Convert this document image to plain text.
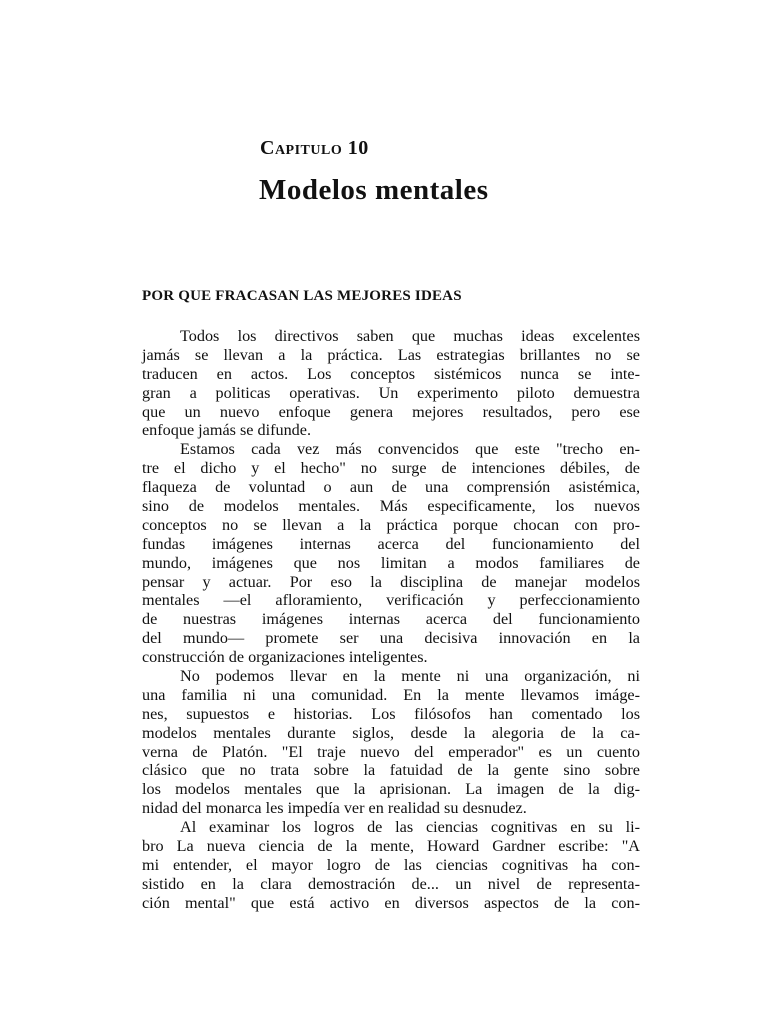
Capitulo 10
Modelos mentales
POR QUE FRACASAN LAS MEJORES IDEAS
Todos los directivos saben que muchas ideas excelentes
jamás se llevan a la práctica. Las estrategias brillantes no se
traducen en actos. Los conceptos sistémicos nunca se inte-
gran a politicas operativas. Un experimento piloto demuestra
que un nuevo enfoque genera mejores resultados, pero ese
enfoque jamás se difunde.
Estamos cada vez más convencidos que este "trecho en-
tre el dicho y el hecho" no surge de intenciones débiles, de
flaqueza de voluntad o aun de una comprensión asistémica,
sino de modelos mentales. Más especificamente, los nuevos
conceptos no se llevan a la práctica porque chocan con pro-
fundas imágenes internas acerca del funcionamiento del
mundo, imágenes que nos limitan a modos familiares de
pensar y actuar. Por eso la disciplina de manejar modelos
mentales —el afloramiento, verificación y perfeccionamiento
de nuestras imágenes internas acerca del funcionamiento
del mundo— promete ser una decisiva innovación en la
construcción de organizaciones inteligentes.
No podemos llevar en la mente ni una organización, ni
una familia ni una comunidad. En la mente llevamos imáge-
nes, supuestos e historias. Los filósofos han comentado los
modelos mentales durante siglos, desde la alegoria de la ca-
verna de Platón. "El traje nuevo del emperador" es un cuento
clásico que no trata sobre la fatuidad de la gente sino sobre
los modelos mentales que la aprisionan. La imagen de la dig-
nidad del monarca les impedía ver en realidad su desnudez.
Al examinar los logros de las ciencias cognitivas en su li-
bro La nueva ciencia de la mente, Howard Gardner escribe: "A
mi entender, el mayor logro de las ciencias cognitivas ha con-
sistido en la clara demostración de... un nivel de representa-
ción mental" que está activo en diversos aspectos de la con-
